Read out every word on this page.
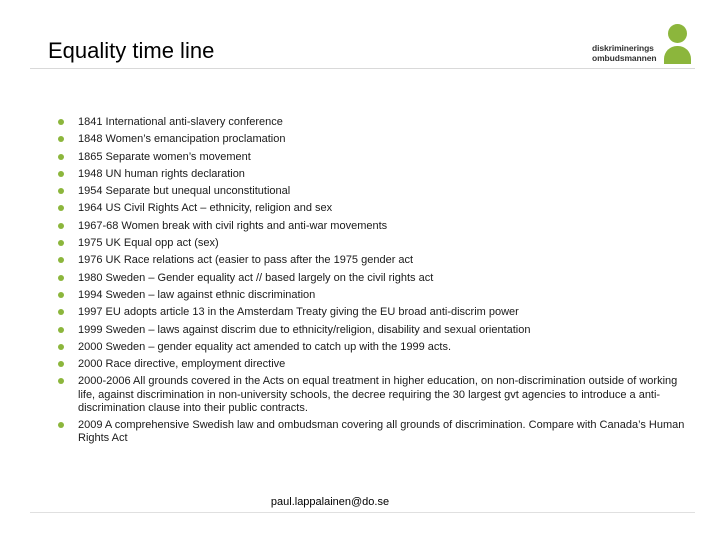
Equality time line	diskriminerings
ombudsmannen
1841 International anti-slavery conference
1848 Women’s emancipation proclamation
1865 Separate women’s movement
1948 UN human rights declaration
1954 Separate but unequal unconstitutional
1964 US Civil Rights Act – ethnicity, religion and sex
1967-68 Women break with civil rights and anti-war movements
1975 UK Equal opp act (sex)
1976 UK Race relations act (easier to pass after the 1975 gender act
1980 Sweden – Gender equality act // based largely on the civil rights act
1994 Sweden – law against ethnic discrimination
1997 EU adopts article 13 in the Amsterdam Treaty giving the EU broad anti-discrim power
1999 Sweden – laws against discrim due to ethnicity/religion, disability and sexual orientation
2000 Sweden – gender equality act amended to catch up with the 1999 acts.
2000 Race directive, employment directive
2000-2006 All grounds covered in the Acts on equal treatment in higher education, on non-discrimination outside of working life, against discrimination in non-university schools, the decree requiring the 30 largest gvt agencies to introduce a anti-discrimination clause into their public contracts.
2009 A comprehensive Swedish law and ombudsman covering all grounds of discrimination. Compare with Canada’s Human Rights Act
paul.lappalainen@do.se
